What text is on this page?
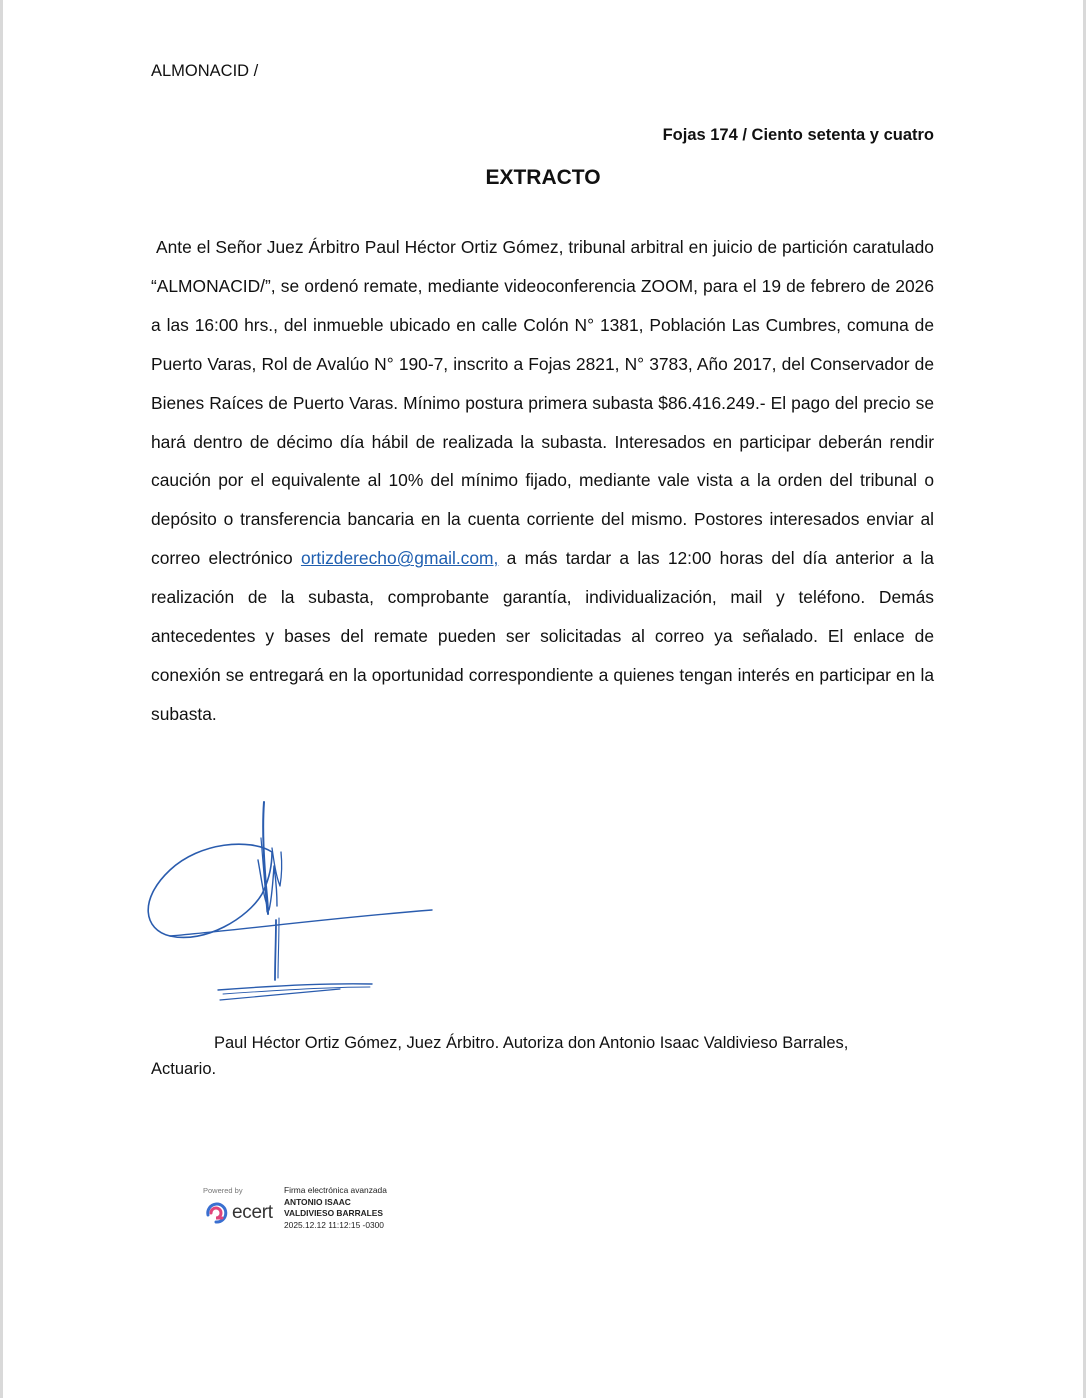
ALMONACID /
Fojas 174 / Ciento setenta y cuatro
EXTRACTO
Ante el Señor Juez Árbitro Paul Héctor Ortiz Gómez, tribunal arbitral en juicio de partición caratulado “ALMONACID/”, se ordenó remate, mediante videoconferencia ZOOM, para el 19 de febrero de 2026 a las 16:00 hrs., del inmueble ubicado en calle Colón N° 1381, Población Las Cumbres, comuna de Puerto Varas, Rol de Avalúo N° 190-7, inscrito a Fojas 2821, N° 3783, Año 2017, del Conservador de Bienes Raíces de Puerto Varas. Mínimo postura primera subasta $86.416.249.- El pago del precio se hará dentro de décimo día hábil de realizada la subasta. Interesados en participar deberán rendir caución por el equivalente al 10% del mínimo fijado, mediante vale vista a la orden del tribunal o depósito o transferencia bancaria en la cuenta corriente del mismo. Postores interesados enviar al correo electrónico ortizderecho@gmail.com, a más tardar a las 12:00 horas del día anterior a la realización de la subasta, comprobante garantía, individualización, mail y teléfono. Demás antecedentes y bases del remate pueden ser solicitadas al correo ya señalado. El enlace de conexión se entregará en la oportunidad correspondiente a quienes tengan interés en participar en la subasta.
Paul Héctor Ortiz Gómez, Juez Árbitro. Autoriza don Antonio Isaac Valdivieso Barrales,
Actuario.
Powered by
ecert
Firma electrónica avanzada
ANTONIO ISAAC
VALDIVIESO BARRALES
2025.12.12 11:12:15 -0300
